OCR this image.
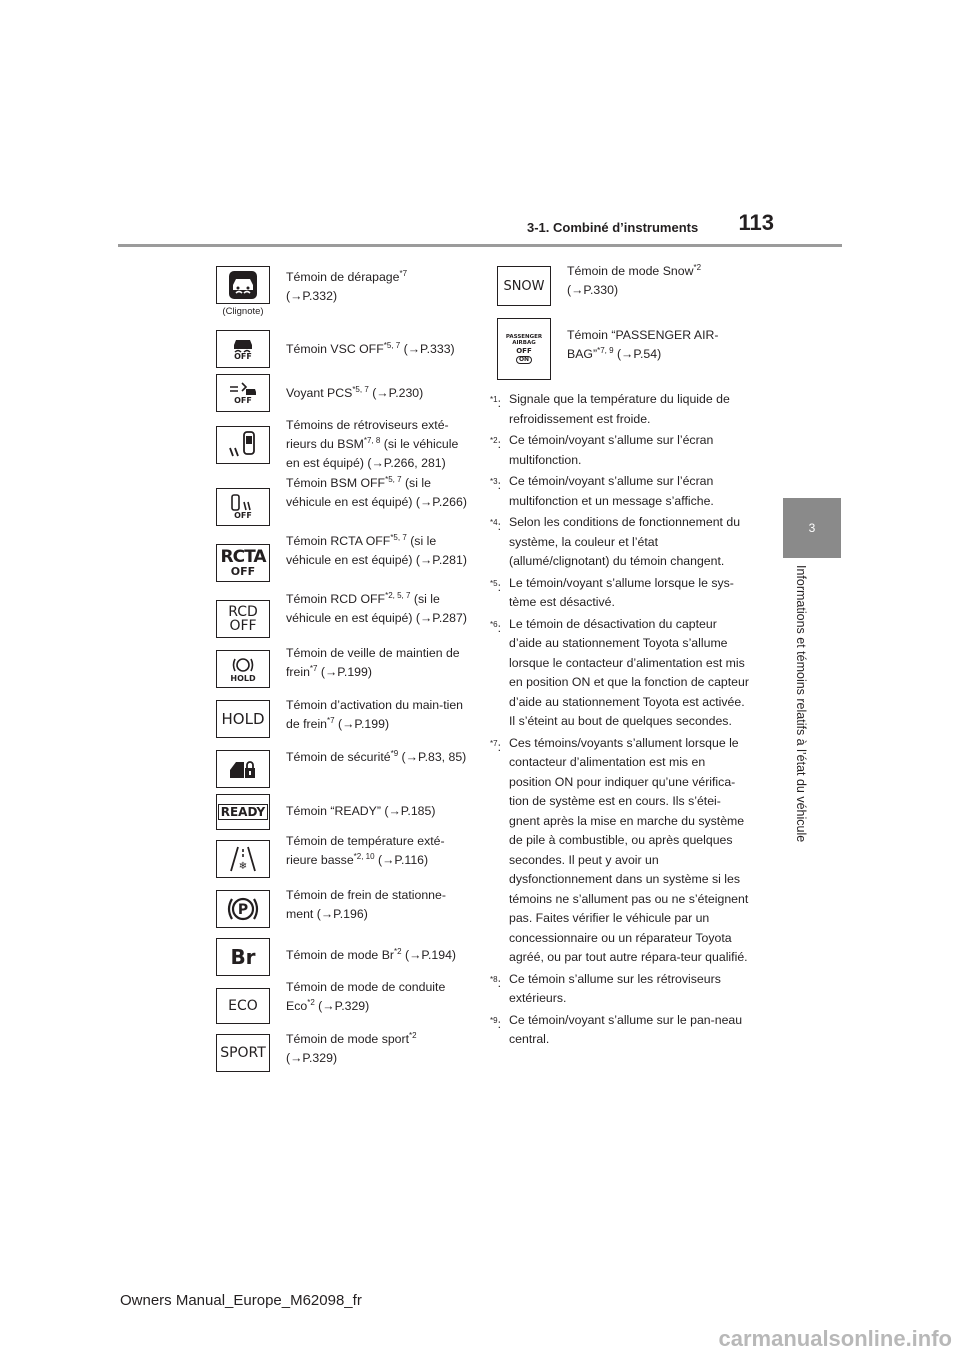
3-1. Combiné d’instruments 113
3
Informations et témoins relatifs à l’état du véhicule
(Clignote)
Témoin de dérapage$^{*7}$
(→P.332)
OFF
Témoin VSC OFF$^{*5, 7}$ (→P.333)
OFF
Voyant PCS$^{*5, 7}$ (→P.230)
Témoins de rétroviseurs exté-rieurs du BSM$^{*7, 8}$ (si le véhicule en est équipé) (→P.266, 281)
OFF
Témoin BSM OFF$^{*5, 7}$ (si le véhicule en est équipé) (→P.266)
RCTA
OFF
Témoin RCTA OFF$^{*5, 7}$ (si le véhicule en est équipé) (→P.281)
RCD
OFF
Témoin RCD OFF$^{*2, 5, 7}$ (si le véhicule en est équipé) (→P.287)
HOLD
Témoin de veille de maintien de frein$^{*7}$ (→P.199)
HOLD
Témoin d’activation du main-tien de frein$^{*7}$ (→P.199)
Témoin de sécurité$^{*9}$ (→P.83, 85)
READY Témoin “READY” (→P.185)
❄
Témoin de température exté-rieure basse$^{*2, 10}$ (→P.116)
P
Témoin de frein de stationne-ment (→P.196)
Br Témoin de mode Br$^{*2}$ (→P.194)
ECO
Témoin de mode de conduite Eco$^{*2}$ (→P.329)
SPORT
Témoin de mode sport$^{*2}$
(→P.329)
SNOW
Témoin de mode Snow$^{*2}$
(→P.330)
PASSENGER
AIRBAG
OFF
ON
Témoin “PASSENGER AIR-BAG”$^{*7, 9}$ (→P.54)
$^{*1}$: Signale que la température du liquide de refroidissement est froide.
$^{*2}$: Ce témoin/voyant s’allume sur l’écran multifonction.
$^{*3}$: Ce témoin/voyant s’allume sur l’écran multifonction et un message s’affiche.
$^{*4}$: Selon les conditions de fonctionnement du système, la couleur et l’état (allumé/clignotant) du témoin changent.
$^{*5}$: Le témoin/voyant s’allume lorsque le sys-tème est désactivé.
$^{*6}$: Le témoin de désactivation du capteur d’aide au stationnement Toyota s’allume lorsque le contacteur d’alimentation est mis en position ON et que la fonction de capteur d’aide au stationnement Toyota est activée. Il s’éteint au bout de quelques secondes.
$^{*7}$: Ces témoins/voyants s’allument lorsque le contacteur d’alimentation est mis en position ON pour indiquer qu’une vérifica-tion de système est en cours. Ils s’étei-gnent après la mise en marche du système de pile à combustible, ou après quelques secondes. Il peut y avoir un dysfonctionnement dans un système si les témoins ne s’allument pas ou ne s’éteignent pas. Faites vérifier le véhicule par un concessionnaire ou un réparateur Toyota agréé, ou par tout autre répara-teur qualifié.
$^{*8}$: Ce témoin s’allume sur les rétroviseurs extérieurs.
$^{*9}$: Ce témoin/voyant s’allume sur le pan-neau central.
Owners Manual_Europe_M62098_fr
carmanualsonline.info
